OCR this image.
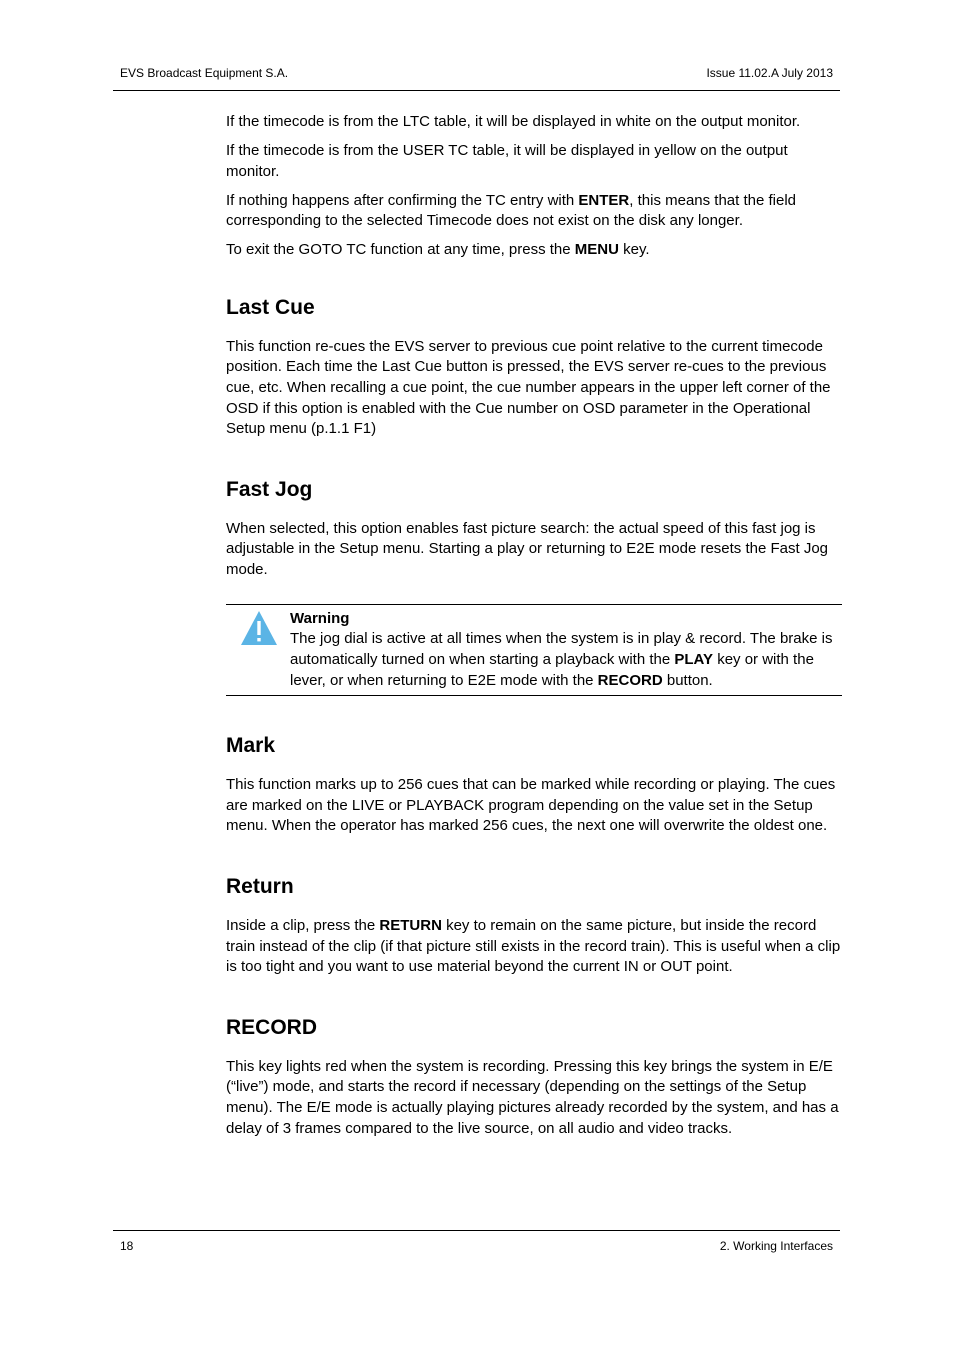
EVS Broadcast Equipment S.A.	Issue 11.02.A July 2013

If the timecode is from the LTC table, it will be displayed in white on the output monitor.

If the timecode is from the USER TC table, it will be displayed in yellow on the output monitor.

If nothing happens after confirming the TC entry with ENTER, this means that the field corresponding to the selected Timecode does not exist on the disk any longer.

To exit the GOTO TC function at any time, press the MENU key.

Last Cue

This function re-cues the EVS server to previous cue point relative to the current timecode position. Each time the Last Cue button is pressed, the EVS server re-cues to the previous cue, etc. When recalling a cue point, the cue number appears in the upper left corner of the OSD if this option is enabled with the Cue number on OSD parameter in the Operational Setup menu (p.1.1 F1)

Fast Jog

When selected, this option enables fast picture search: the actual speed of this fast jog is adjustable in the Setup menu. Starting a play or returning to E2E mode resets the Fast Jog mode.

Warning

The jog dial is active at all times when the system is in play & record. The brake is automatically turned on when starting a playback with the PLAY key or with the lever, or when returning to E2E mode with the RECORD button.

Mark

This function marks up to 256 cues that can be marked while recording or playing. The cues are marked on the LIVE or PLAYBACK program depending on the value set in the Setup menu. When the operator has marked 256 cues, the next one will overwrite the oldest one.

Return

Inside a clip, press the RETURN key to remain on the same picture, but inside the record train instead of the clip (if that picture still exists in the record train). This is useful when a clip is too tight and you want to use material beyond the current IN or OUT point.

RECORD

This key lights red when the system is recording. Pressing this key brings the system in E/E (“live”) mode, and starts the record if necessary (depending on the settings of the Setup menu). The E/E mode is actually playing pictures already recorded by the system, and has a delay of 3 frames compared to the live source, on all audio and video tracks.

18	2. Working Interfaces
